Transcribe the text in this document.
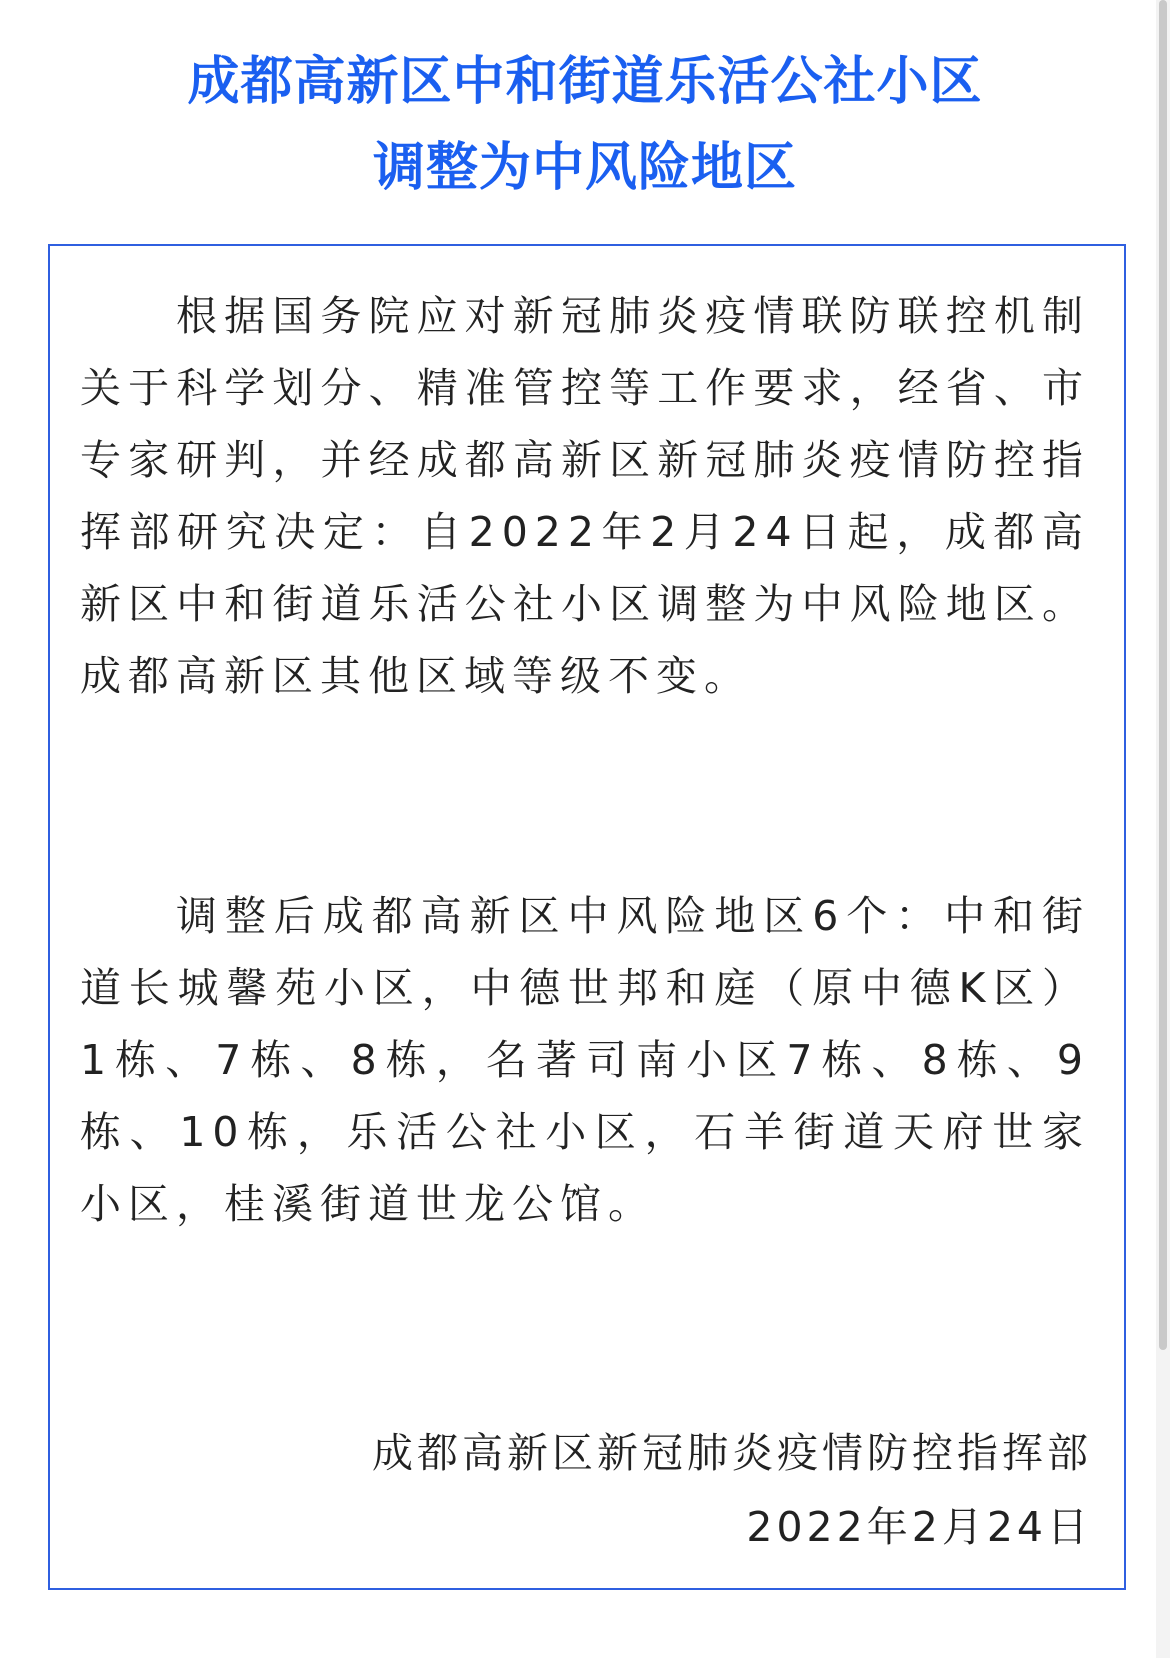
成都高新区中和街道乐活公社小区
调整为中风险地区

根据国务院应对新冠肺炎疫情联防联控机制关于科学划分、精准管控等工作要求，经省、市专家研判，并经成都高新区新冠肺炎疫情防控指挥部研究决定：自2022年2月24日起，成都高新区中和街道乐活公社小区调整为中风险地区。成都高新区其他区域等级不变。

调整后成都高新区中风险地区6个：中和街道长城馨苑小区，中德世邦和庭（原中德K区）1栋、7栋、8栋，名著司南小区7栋、8栋、9栋、10栋，乐活公社小区，石羊街道天府世家小区，桂溪街道世龙公馆。

成都高新区新冠肺炎疫情防控指挥部
2022年2月24日
